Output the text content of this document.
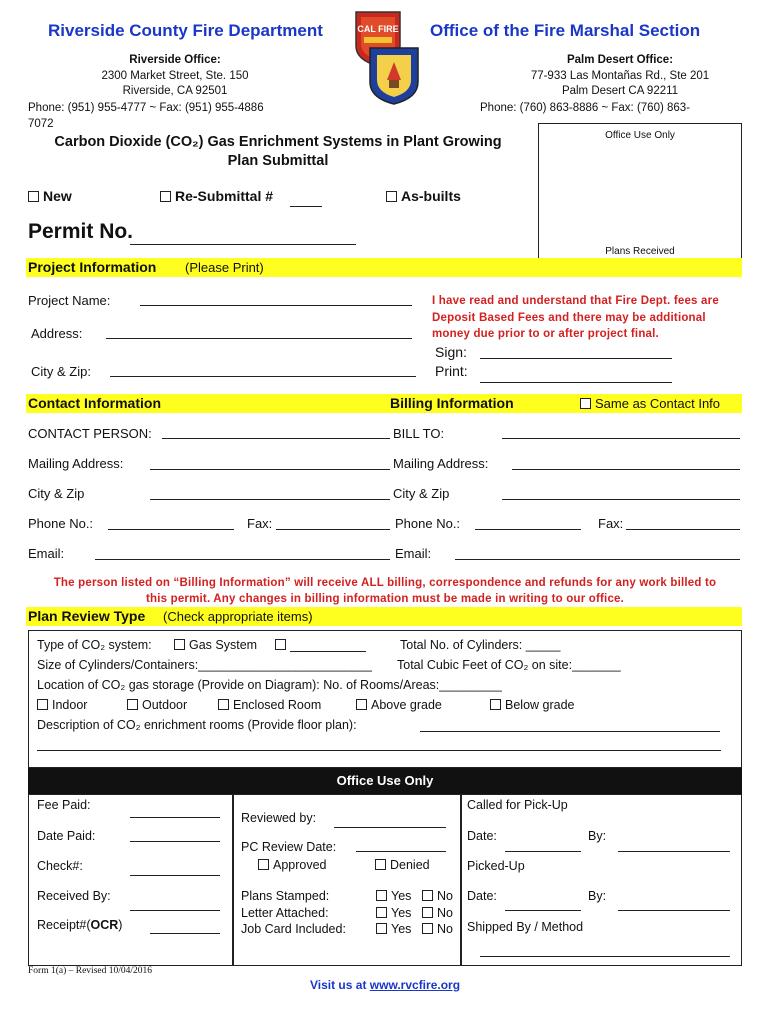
Riverside County Fire Department	Office of the Fire Marshal Section
CAL FIRE
Riverside Office:
2300 Market Street, Ste. 150
Riverside, CA 92501
Phone: (951) 955-4777 ~ Fax: (951) 955-4886
7072
Palm Desert Office:
77-933 Las Montañas Rd., Ste 201
Palm Desert CA 92211
Phone: (760) 863-8886 ~ Fax: (760) 863-
Office Use Only
Plans Received
Carbon Dioxide (CO₂) Gas Enrichment Systems in Plant Growing
Plan Submittal
New	Re-Submittal #	As-builts
Permit No.
Project Information (Please Print)
Project Name:
Address:
City & Zip:
I have read and understand that Fire Dept. fees are Deposit Based Fees and there may be additional money due prior to or after project final.
Sign:
Print:
Contact Information	Billing Information	Same as Contact Info
CONTACT PERSON:
Mailing Address:
City & Zip
Phone No.:	Fax:
Email:
BILL TO:
Mailing Address:
City & Zip
Phone No.:	Fax:
Email:
The person listed on “Billing Information” will receive ALL billing, correspondence and refunds for any work billed to
this permit. Any changes in billing information must be made in writing to our office.
Plan Review Type (Check appropriate items)
Type of CO₂ system:	Gas System	Total No. of Cylinders: _____
Size of Cylinders/Containers:_________________________ Total Cubic Feet of CO₂ on site:_______
Location of CO₂ gas storage (Provide on Diagram): No. of Rooms/Areas:_________
Indoor	Outdoor	Enclosed Room	Above grade	Below grade
Description of CO₂ enrichment rooms (Provide floor plan):
Office Use Only
Fee Paid:
Date Paid:
Check#:
Received By:
Receipt#(OCR)
Reviewed by:
PC Review Date:
Approved	Denied
Plans Stamped:	Yes	No
Letter Attached:	Yes	No
Job Card Included:	Yes	No
Called for Pick-Up
Date:	By:
Picked-Up
Date:	By:
Shipped By / Method
Form 1(a) – Revised 10/04/2016
Visit us at www.rvcfire.org
